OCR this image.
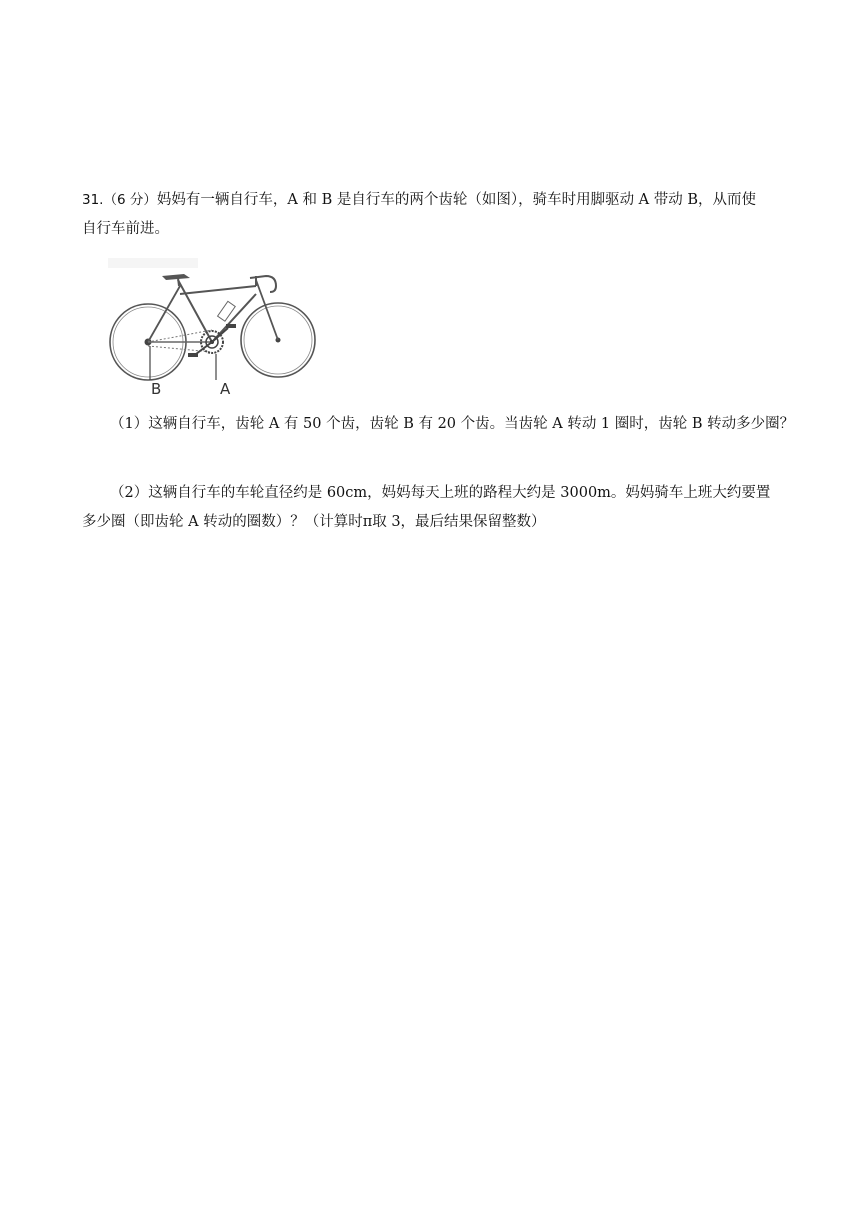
31.（6 分）妈妈有一辆自行车，A 和 B 是自行车的两个齿轮（如图），骑车时用脚驱动 A 带动 B，从而使

自行车前进。

B	A

（1）这辆自行车，齿轮 A 有 50 个齿，齿轮 B 有 20 个齿。当齿轮 A 转动 1 圈时，齿轮 B 转动多少圈？

（2）这辆自行车的车轮直径约是 60cm，妈妈每天上班的路程大约是 3000m。妈妈骑车上班大约要置

多少圈（即齿轮 A 转动的圈数）？（计算时π取 3，最后结果保留整数）
